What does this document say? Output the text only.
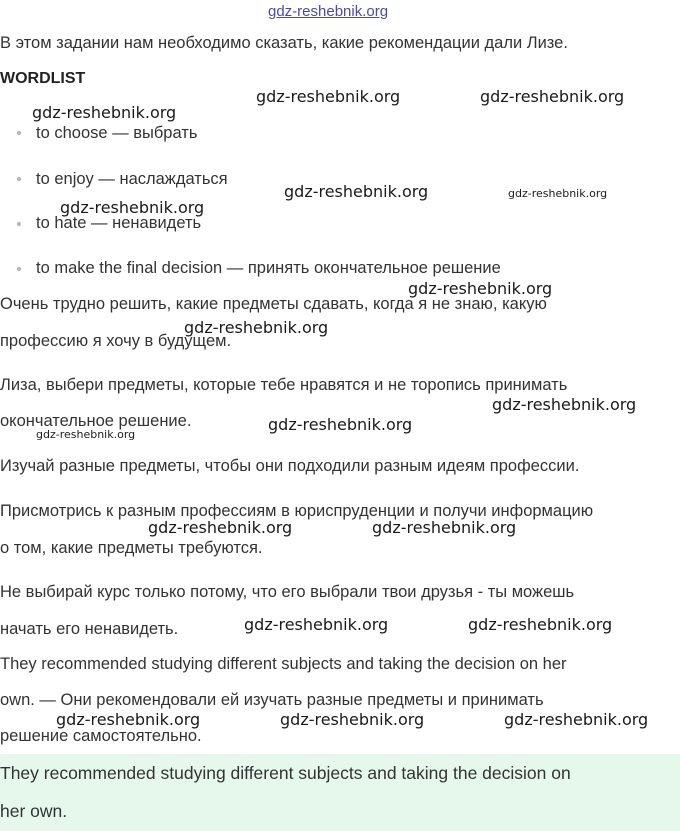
gdz-reshebnik.org
В этом задании нам необходимо сказать, какие рекомендации дали Лизе.
WORDLIST
to choose — выбрать
to enjoy — наслаждаться
to hate — ненавидеть
to make the final decision — принять окончательное решение
Очень трудно решить, какие предметы сдавать, когда я не знаю, какую
профессию я хочу в будущем.
Лиза, выбери предметы, которые тебе нравятся и не торопись принимать
окончательное решение.
Изучай разные предметы, чтобы они подходили разным идеям профессии.
Присмотрись к разным профессиям в юриспруденции и получи информацию
о том, какие предметы требуются.
Не выбирай курс только потому, что его выбрали твои друзья - ты можешь
начать его ненавидеть.
They recommended studying different subjects and taking the decision on her
own. — Они рекомендовали ей изучать разные предметы и принимать
решение самостоятельно.
They recommended studying different subjects and taking the decision on
her own.
gdz-reshebnik.org	gdz-reshebnik.org
gdz-reshebnik.org
gdz-reshebnik.org	gdz-reshebnik.org
gdz-reshebnik.org
gdz-reshebnik.org
gdz-reshebnik.org
gdz-reshebnik.org
gdz-reshebnik.org
gdz-reshebnik.org
gdz-reshebnik.org	gdz-reshebnik.org
gdz-reshebnik.org	gdz-reshebnik.org
gdz-reshebnik.org	gdz-reshebnik.org	gdz-reshebnik.org
